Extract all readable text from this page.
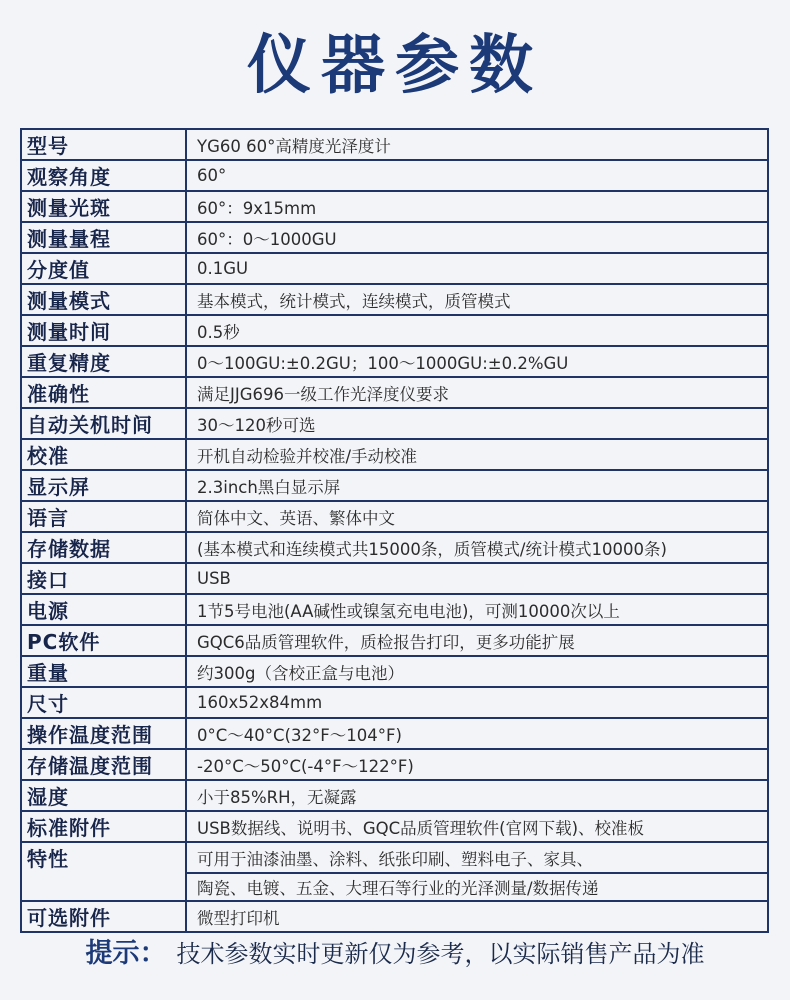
仪器参数
型号	YG60 60°高精度光泽度计
观察角度	60°
测量光斑	60°：9x15mm
测量量程	60°：0～1000GU
分度值	0.1GU
测量模式	基本模式，统计模式，连续模式，质管模式
测量时间	0.5秒
重复精度	0～100GU:±0.2GU；100～1000GU:±0.2%GU
准确性	满足JJG696一级工作光泽度仪要求
自动关机时间	30～120秒可选
校准	开机自动检验并校准/手动校准
显示屏	2.3inch黑白显示屏
语言	简体中文、英语、繁体中文
存储数据	(基本模式和连续模式共15000条，质管模式/统计模式10000条)
接口	USB
电源	1节5号电池(AA碱性或镍氢充电电池)，可测10000次以上
PC软件	GQC6品质管理软件，质检报告打印，更多功能扩展
重量	约300g（含校正盒与电池）
尺寸	160x52x84mm
操作温度范围	0°C～40°C(32°F～104°F)
存储温度范围	-20°C～50°C(-4°F～122°F)
湿度	小于85%RH，无凝露
标准附件	USB数据线、说明书、GQC品质管理软件(官网下载)、校准板
特性	可用于油漆油墨、涂料、纸张印刷、塑料电子、家具、
	陶瓷、电镀、五金、大理石等行业的光泽测量/数据传递
可选附件	微型打印机
提示： 技术参数实时更新仅为参考，以实际销售产品为准
